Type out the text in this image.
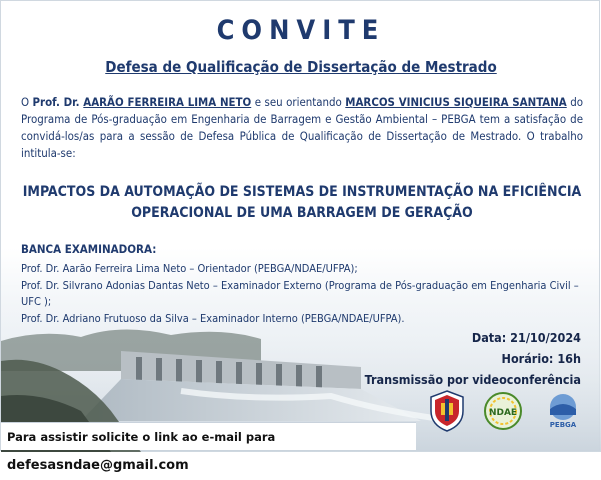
CONVITE
Defesa de Qualificação de Dissertação de Mestrado
O Prof. Dr. AARÃO FERREIRA LIMA NETO e seu orientando MARCOS VINICIUS SIQUEIRA SANTANA do Programa de Pós-graduação em Engenharia de Barragem e Gestão Ambiental – PEBGA tem a satisfação de convidá-los/as para a sessão de Defesa Pública de Qualificação de Dissertação de Mestrado. O trabalho intitula-se:
IMPACTOS DA AUTOMAÇÃO DE SISTEMAS DE INSTRUMENTAÇÃO NA EFICIÊNCIA OPERACIONAL DE UMA BARRAGEM DE GERAÇÃO
BANCA EXAMINADORA:
Prof. Dr. Aarão Ferreira Lima Neto – Orientador (PEBGA/NDAE/UFPA);
Prof. Dr. Silvrano Adonias Dantas Neto – Examinador Externo (Programa de Pós-graduação em Engenharia Civil – UFC );
Prof. Dr. Adriano Frutuoso da Silva – Examinador Interno (PEBGA/NDAE/UFPA).
Data: 21/10/2024
Horário: 16h
Transmissão por videoconferência
NDAE
PEBGA
Para assistir solicite o link ao e-mail para defesasndae@gmail.com
